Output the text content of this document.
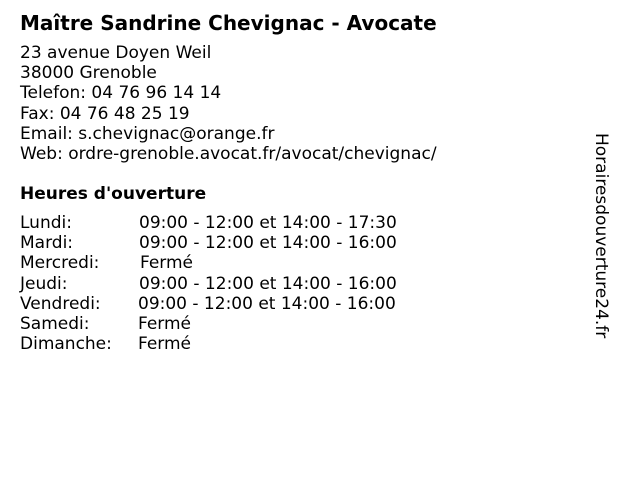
Maître Sandrine Chevignac - Avocate
23 avenue Doyen Weil
38000 Grenoble
Telefon: 04 76 96 14 14
Fax: 04 76 48 25 19
Email: s.chevignac@orange.fr
Web: ordre-grenoble.avocat.fr/avocat/chevignac/
Heures d'ouverture
Lundi:	09:00 - 12:00 et 14:00 - 17:30
Mardi:	09:00 - 12:00 et 14:00 - 16:00
Mercredi: Fermé
Jeudi:	09:00 - 12:00 et 14:00 - 16:00
Vendredi: 09:00 - 12:00 et 14:00 - 16:00
Samedi:	Fermé
Dimanche: Fermé
Horairesdouverture24.fr
